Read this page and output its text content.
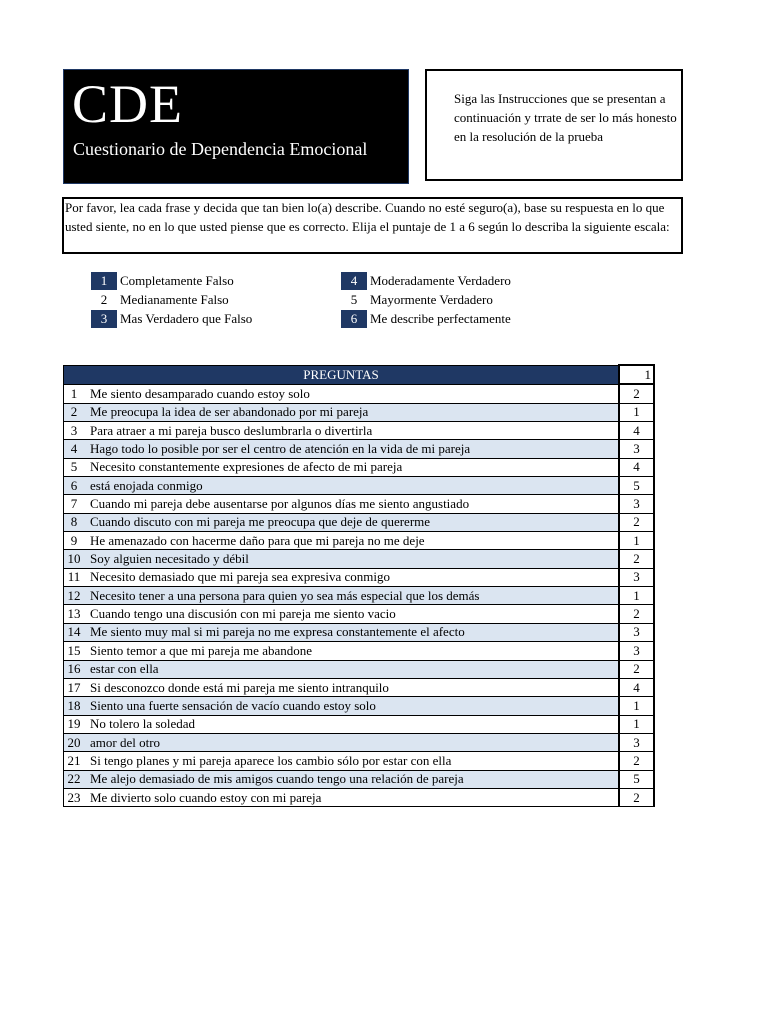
CDE
Cuestionario de Dependencia Emocional
Siga las Instrucciones que se presentan a continuación y trrate de ser lo más honesto en la resolución de la prueba
Por favor, lea cada frase y decida que tan bien lo(a) describe. Cuando no esté seguro(a), base su respuesta en lo que usted siente, no en lo que usted piense que es correcto. Elija el puntaje de 1 a 6 según lo describa la siguiente escala:
1 Completamente Falso
2 Medianamente Falso
3 Mas Verdadero que Falso
4 Moderadamente Verdadero
5 Mayormente Verdadero
6 Me describe perfectamente
PREGUNTAS		1
1	Me siento desamparado cuando estoy solo	2
2	Me preocupa la idea de ser abandonado por mi pareja	1
3	Para atraer a mi pareja busco deslumbrarla o divertirla	4
4	Hago todo lo posible por ser el centro de atención en la vida de mi pareja	3
5	Necesito constantemente expresiones de afecto de mi pareja	4
6	está enojada conmigo	5
7	Cuando mi pareja debe ausentarse por algunos días me siento angustiado	3
8	Cuando discuto con mi pareja me preocupa que deje de quererme	2
9	He amenazado con hacerme daño para que mi pareja no me deje	1
10	Soy alguien necesitado y débil	2
11	Necesito demasiado que mi pareja sea expresiva conmigo	3
12	Necesito tener a una persona para quien yo sea más especial que los demás	1
13	Cuando tengo una discusión con mi pareja me siento vacio	2
14	Me siento muy mal si mi pareja no me expresa constantemente el afecto	3
15	Siento temor a que mi pareja me abandone	3
16	estar con ella	2
17	Si desconozco donde está mi pareja me siento intranquilo	4
18	Siento una fuerte sensación de vacío cuando estoy solo	1
19	No tolero la soledad	1
20	amor del otro	3
21	Si tengo planes y mi pareja aparece los cambio sólo por estar con ella	2
22	Me alejo demasiado de mis amigos cuando tengo una relación de pareja	5
23	Me divierto solo cuando estoy con mi pareja	2
